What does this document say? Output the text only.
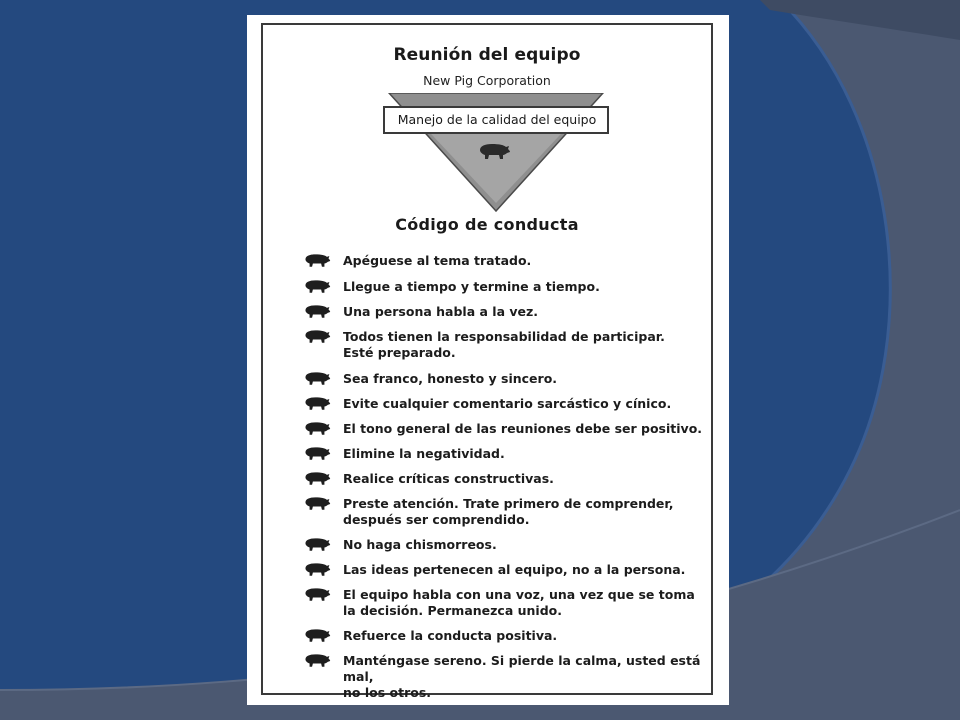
Reunión del equipo
New Pig Corporation
Manejo de la calidad del equipo
Código de conducta
Apéguese al tema tratado.
Llegue a tiempo y termine a tiempo.
Una persona habla a la vez.
Todos tienen la responsabilidad de participar.
Esté preparado.
Sea franco, honesto y sincero.
Evite cualquier comentario sarcástico y cínico.
El tono general de las reuniones debe ser positivo.
Elimine la negatividad.
Realice críticas constructivas.
Preste atención. Trate primero de comprender,
después ser comprendido.
No haga chismorreos.
Las ideas pertenecen al equipo, no a la persona.
El equipo habla con una voz, una vez que se toma
la decisión. Permanezca unido.
Refuerce la conducta positiva.
Manténgase sereno. Si pierde la calma, usted está mal,
no los otros.
